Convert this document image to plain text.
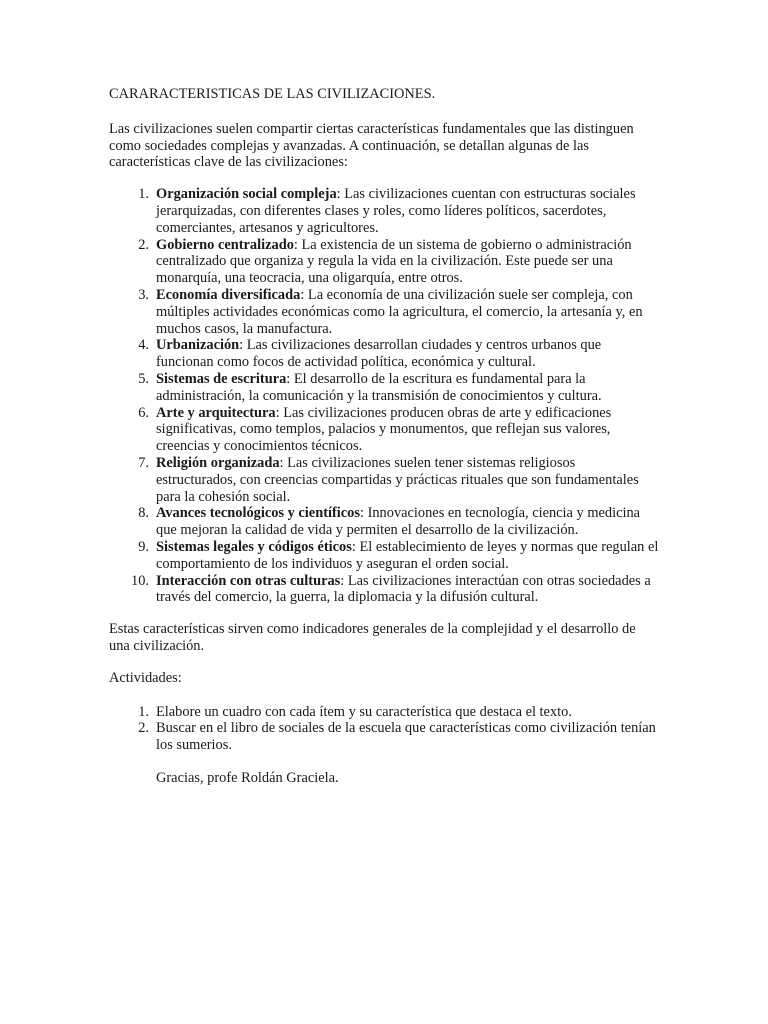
CARARACTERISTICAS DE LAS CIVILIZACIONES.

Las civilizaciones suelen compartir ciertas características fundamentales que las distinguen como sociedades complejas y avanzadas. A continuación, se detallan algunas de las características clave de las civilizaciones:

1. Organización social compleja: Las civilizaciones cuentan con estructuras sociales jerarquizadas, con diferentes clases y roles, como líderes políticos, sacerdotes, comerciantes, artesanos y agricultores.
2. Gobierno centralizado: La existencia de un sistema de gobierno o administración centralizado que organiza y regula la vida en la civilización. Este puede ser una monarquía, una teocracia, una oligarquía, entre otros.
3. Economía diversificada: La economía de una civilización suele ser compleja, con múltiples actividades económicas como la agricultura, el comercio, la artesanía y, en muchos casos, la manufactura.
4. Urbanización: Las civilizaciones desarrollan ciudades y centros urbanos que funcionan como focos de actividad política, económica y cultural.
5. Sistemas de escritura: El desarrollo de la escritura es fundamental para la administración, la comunicación y la transmisión de conocimientos y cultura.
6. Arte y arquitectura: Las civilizaciones producen obras de arte y edificaciones significativas, como templos, palacios y monumentos, que reflejan sus valores, creencias y conocimientos técnicos.
7. Religión organizada: Las civilizaciones suelen tener sistemas religiosos estructurados, con creencias compartidas y prácticas rituales que son fundamentales para la cohesión social.
8. Avances tecnológicos y científicos: Innovaciones en tecnología, ciencia y medicina que mejoran la calidad de vida y permiten el desarrollo de la civilización.
9. Sistemas legales y códigos éticos: El establecimiento de leyes y normas que regulan el comportamiento de los individuos y aseguran el orden social.
10. Interacción con otras culturas: Las civilizaciones interactúan con otras sociedades a través del comercio, la guerra, la diplomacia y la difusión cultural.

Estas características sirven como indicadores generales de la complejidad y el desarrollo de una civilización.

Actividades:

1. Elabore un cuadro con cada ítem y su característica que destaca el texto.
2. Buscar en el libro de sociales de la escuela que características como civilización tenían los sumerios.

Gracias, profe Roldán Graciela.
